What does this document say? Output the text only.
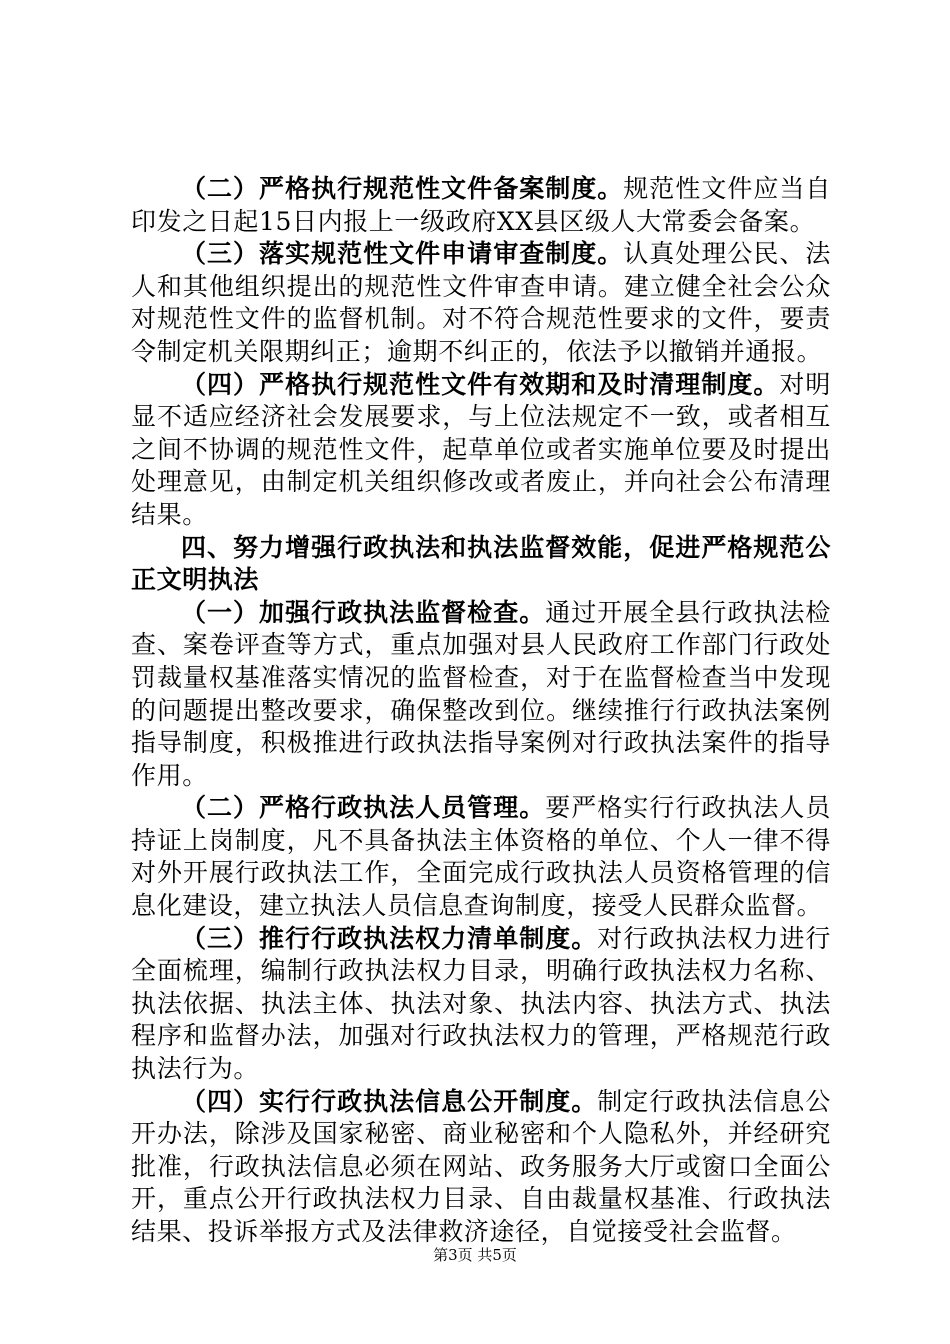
（二）严格执行规范性文件备案制度。规范性文件应当自印发之日起15日内报上一级政府XX县区级人大常委会备案。

（三）落实规范性文件申请审查制度。认真处理公民、法人和其他组织提出的规范性文件审查申请。建立健全社会公众对规范性文件的监督机制。对不符合规范性要求的文件，要责令制定机关限期纠正；逾期不纠正的，依法予以撤销并通报。

（四）严格执行规范性文件有效期和及时清理制度。对明显不适应经济社会发展要求，与上位法规定不一致，或者相互之间不协调的规范性文件，起草单位或者实施单位要及时提出处理意见，由制定机关组织修改或者废止，并向社会公布清理结果。

四、努力增强行政执法和执法监督效能，促进严格规范公正文明执法

（一）加强行政执法监督检查。通过开展全县行政执法检查、案卷评查等方式，重点加强对县人民政府工作部门行政处罚裁量权基准落实情况的监督检查，对于在监督检查当中发现的问题提出整改要求，确保整改到位。继续推行行政执法案例指导制度，积极推进行政执法指导案例对行政执法案件的指导作用。

（二）严格行政执法人员管理。要严格实行行政执法人员持证上岗制度，凡不具备执法主体资格的单位、个人一律不得对外开展行政执法工作，全面完成行政执法人员资格管理的信息化建设，建立执法人员信息查询制度，接受人民群众监督。

（三）推行行政执法权力清单制度。对行政执法权力进行全面梳理，编制行政执法权力目录，明确行政执法权力名称、执法依据、执法主体、执法对象、执法内容、执法方式、执法程序和监督办法，加强对行政执法权力的管理，严格规范行政执法行为。

（四）实行行政执法信息公开制度。制定行政执法信息公开办法，除涉及国家秘密、商业秘密和个人隐私外，并经研究批准，行政执法信息必须在网站、政务服务大厅或窗口全面公开，重点公开行政执法权力目录、自由裁量权基准、行政执法结果、投诉举报方式及法律救济途径，自觉接受社会监督。

第3页 共5页
